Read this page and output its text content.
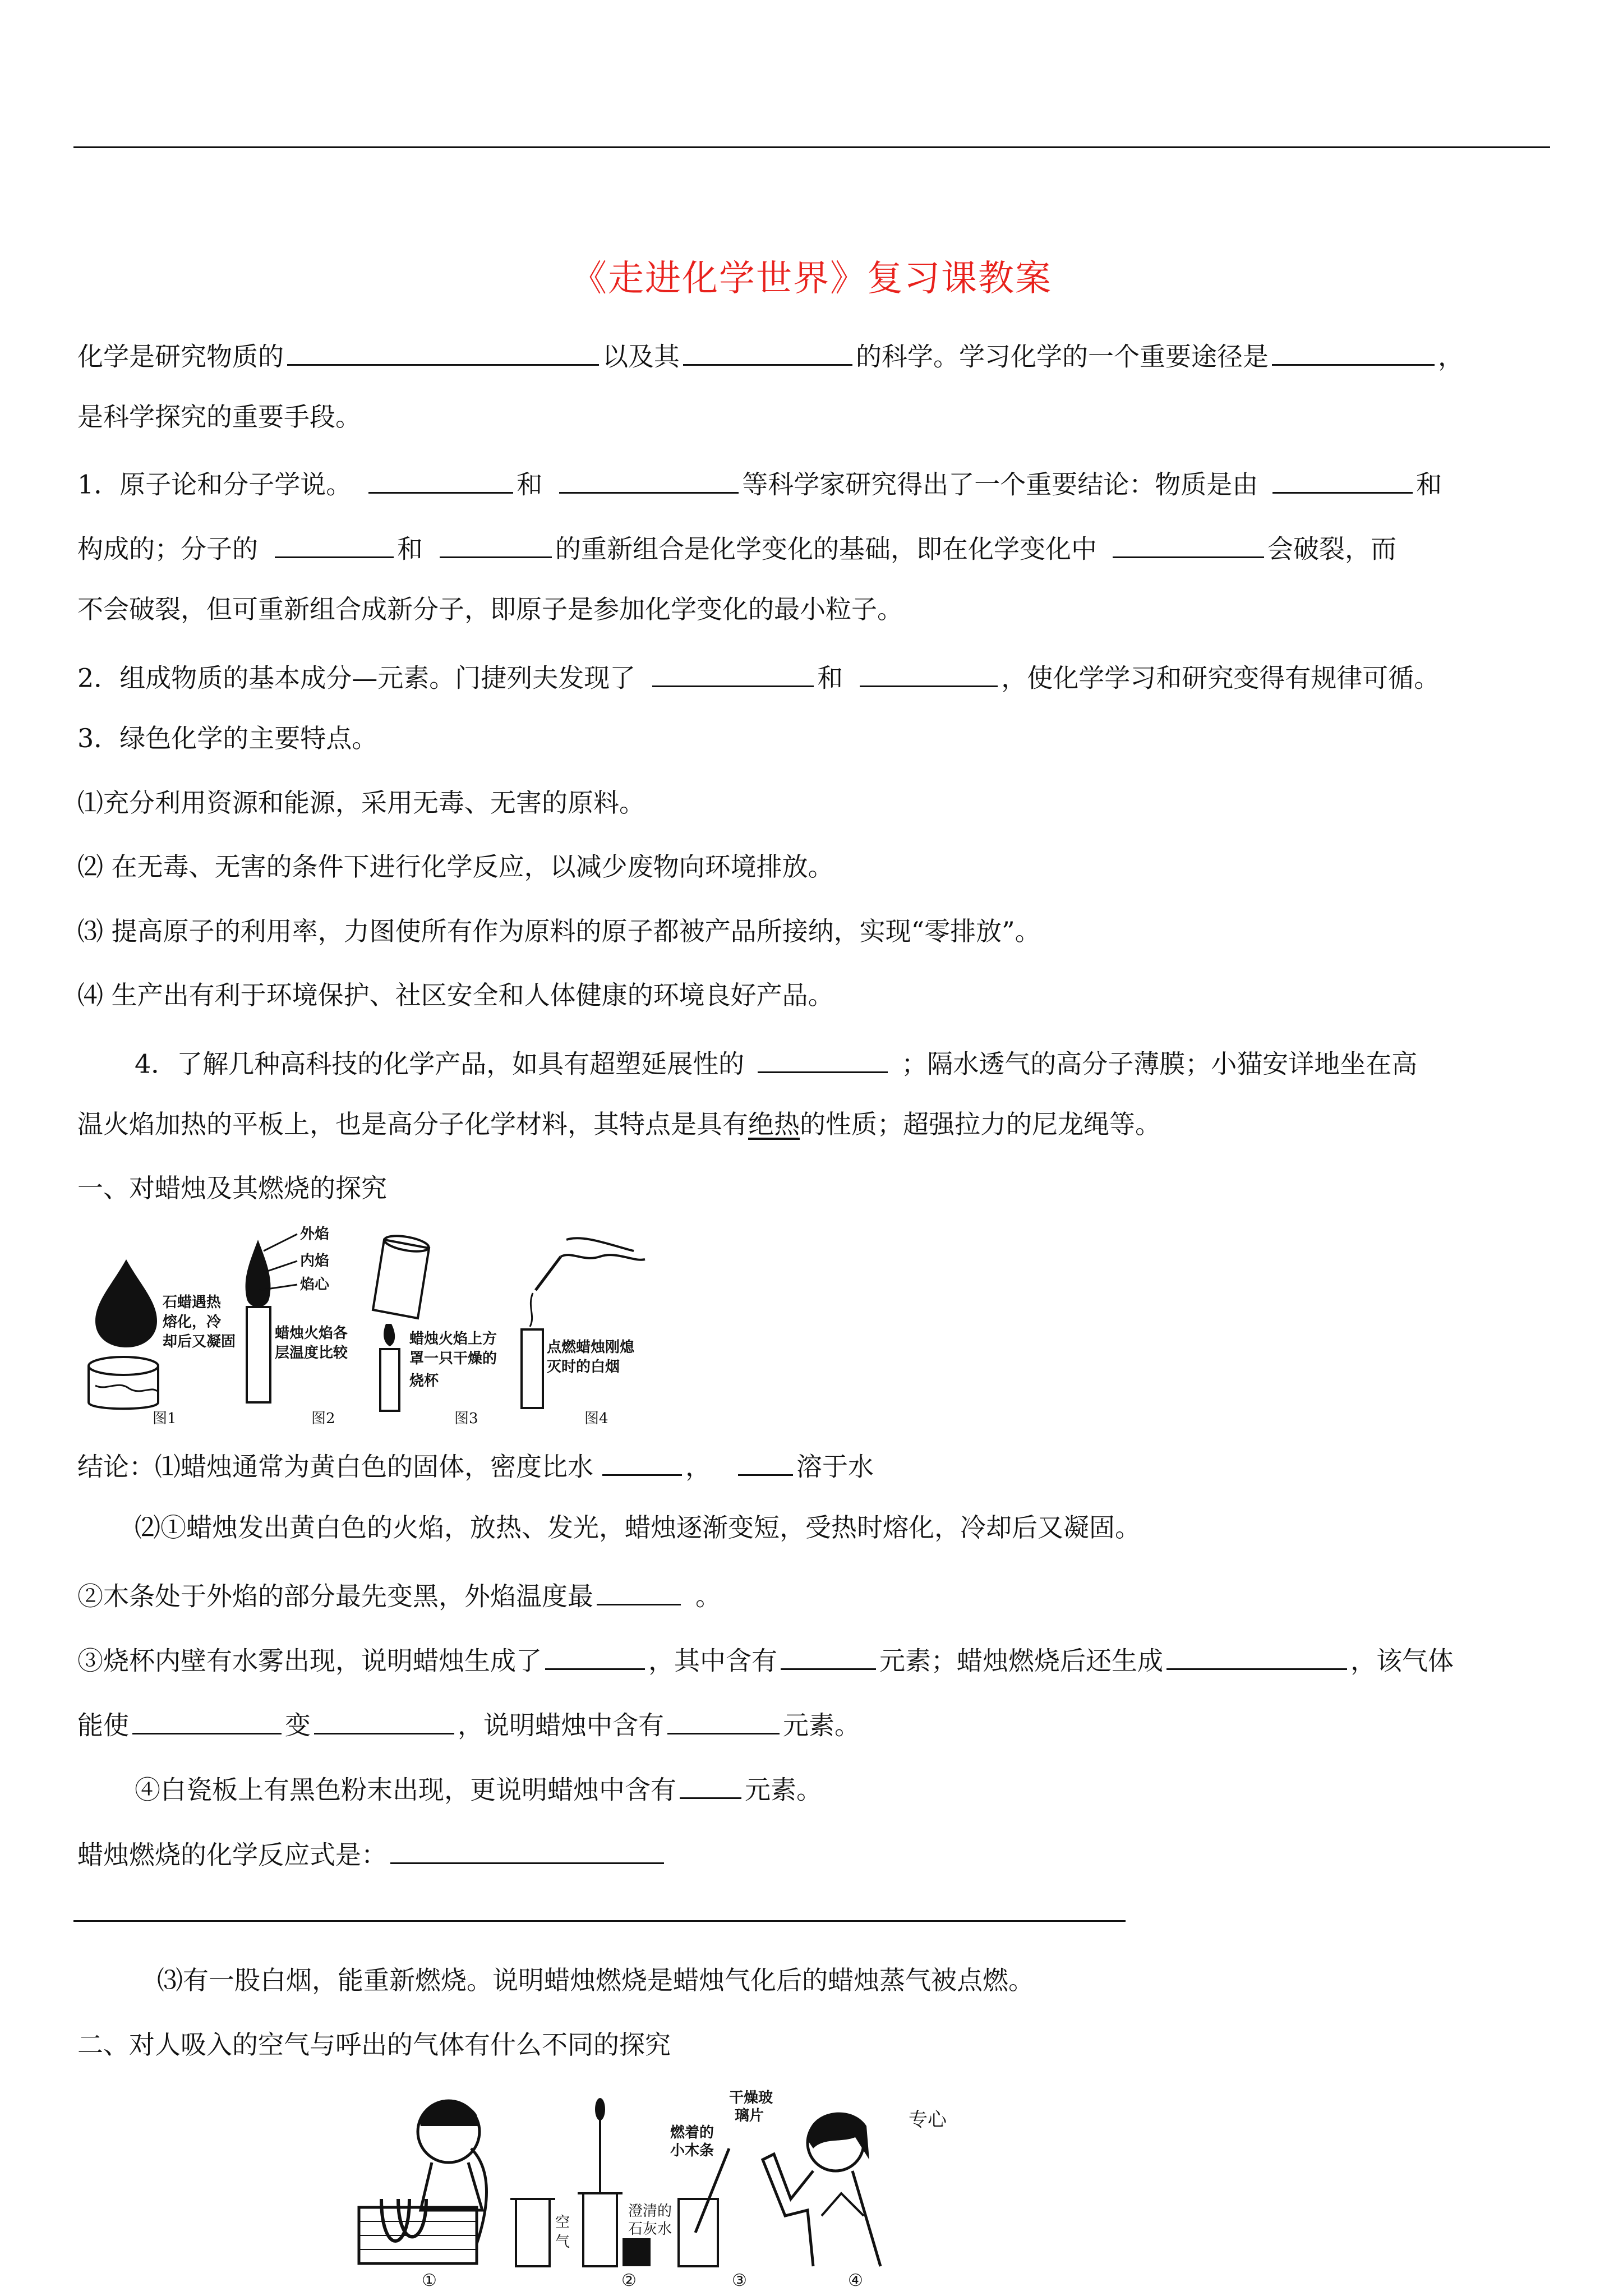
《走进化学世界》复习课教案
化学是研究物质的	以及其	的科学。学习化学的一个重要途径是	，
是科学探究的重要手段。
1．原子论和分子学说。	和	等科学家研究得出了一个重要结论：物质是由	和
构成的；分子的	和	的重新组合是化学变化的基础，即在化学变化中	会破裂，而
不会破裂，但可重新组合成新分子，即原子是参加化学变化的最小粒子。
2．组成物质的基本成分—元素。门捷列夫发现了	和	，使化学学习和研究变得有规律可循。
3．绿色化学的主要特点。
⑴充分利用资源和能源，采用无毒、无害的原料。
⑵ 在无毒、无害的条件下进行化学反应，以减少废物向环境排放。
⑶ 提高原子的利用率，力图使所有作为原料的原子都被产品所接纳，实现“零排放”。
⑷ 生产出有利于环境保护、社区安全和人体健康的环境良好产品。
4．了解几种高科技的化学产品，如具有超塑延展性的	；隔水透气的高分子薄膜；小猫安详地坐在高
温火焰加热的平板上，也是高分子化学材料，其特点是具有绝热的性质；超强拉力的尼龙绳等。
一、对蜡烛及其燃烧的探究
石蜡遇热
熔化，冷
却后又凝固
外焰
内焰
焰心
蜡烛火焰各
层温度比较
蜡烛火焰上方
罩一只干燥的
烧杯
点燃蜡烛刚熄
灭时的白烟
图1	图2	图3	图4
结论：⑴蜡烛通常为黄白色的固体，密度比水	，	溶于水
⑵①蜡烛发出黄白色的火焰，放热、发光，蜡烛逐渐变短，受热时熔化，冷却后又凝固。
②木条处于外焰的部分最先变黑，外焰温度最	。
③烧杯内壁有水雾出现，说明蜡烛生成了	，其中含有	元素；蜡烛燃烧后还生成	，该气体
能使	变	，说明蜡烛中含有	元素。
④白瓷板上有黑色粉末出现，更说明蜡烛中含有	元素。
蜡烛燃烧的化学反应式是：
⑶有一股白烟，能重新燃烧。说明蜡烛燃烧是蜡烛气化后的蜡烛蒸气被点燃。
二、对人吸入的空气与呼出的气体有什么不同的探究
空
气
澄清的
石灰水
燃着的
小木条
干燥玻
璃片	专心
①	②	③	④
